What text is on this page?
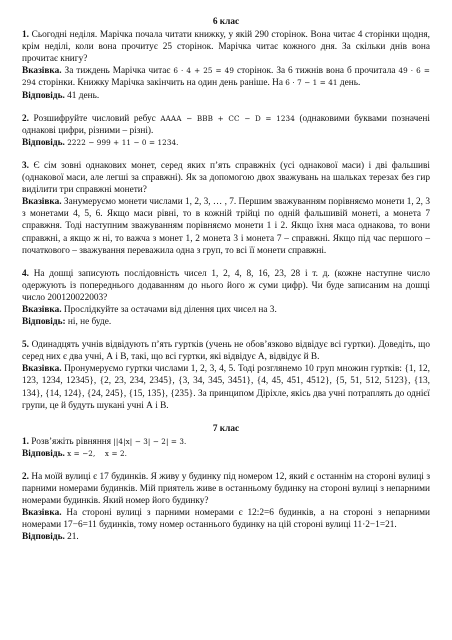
6 клас

1. Сьогодні неділя. Марічка почала читати книжку, у якій 290 сторінок. Вона читає 4 сторінки щодня, крім неділі, коли вона прочитує 25 сторінок. Марічка читає кожного дня. За скільки днів вона прочитає книгу?

Вказівка. За тиждень Марічка читає 6 · 4 + 25 = 49 сторінок. За 6 тижнів вона б прочитала 49 · 6 = 294 сторінки. Книжку Марічка закінчить на один день раніше. На 6 · 7 − 1 = 41 день.

Відповідь. 41 день.

2. Розшифруйте числовий ребус AAAA − BBB + CC − D = 1234 (однаковими буквами позначені однакові цифри, різними – різні).

Відповідь. 2222 − 999 + 11 − 0 = 1234.

3. Є сім зовні однакових монет, серед яких п’ять справжніх (усі однакової маси) і дві фальшиві (однакової маси, але легші за справжні). Як за допомогою двох зважувань на шальках терезах без гир виділити три справжні монети?

Вказівка. Занумеруємо монети числами 1, 2, 3, … , 7. Першим зважуванням порівняємо монети 1, 2, 3 з монетами 4, 5, 6. Якщо маси рівні, то в кожній трійці по одній фальшивій монеті, а монета 7 справжня. Тоді наступним зважуванням порівняємо монети 1 і 2. Якщо їхня маса однакова, то вони справжні, а якщо ж ні, то важча з монет 1, 2 монета 3 і монета 7 – справжні. Якщо під час першого – початкового – зважування переважила одна з груп, то всі її монети справжні.

4. На дошці записують послідовність чисел 1, 2, 4, 8, 16, 23, 28 і т. д. (кожне наступне число одержують із попереднього додаванням до нього його ж суми цифр). Чи буде записаним на дошці число 200120022003?

Вказівка. Прослідкуйте за остачами від ділення цих чисел на 3.

Відповідь: ні, не буде.

5. Одинадцять учнів відвідують п’ять гуртків (учень не обов’язково відвідує всі гуртки). Доведіть, що серед них є два учні, А і В, такі, що всі гуртки, які відвідує А, відвідує й В.

Вказівка. Пронумеруємо гуртки числами 1, 2, 3, 4, 5. Тоді розглянемо 10 груп множин гуртків: {1, 12, 123, 1234, 12345}, {2, 23, 234, 2345}, {3, 34, 345, 3451}, {4, 45, 451, 4512}, {5, 51, 512, 5123}, {13, 134}, {14, 124}, {24, 245}, {15, 135}, {235}. За принципом Діріхле, якісь два учні потраплять до однієї групи, це й будуть шукані учні А і В.

7 клас

1. Розв’яжіть рівняння ||4|x| − 3| − 2| = 3.

Відповідь. x = −2,    x = 2.

2. На моїй вулиці є 17 будинків. Я живу у будинку під номером 12, який є останнім на стороні вулиці з парними номерами будинків. Мій приятель живе в останньому будинку на стороні вулиці з непарними номерами будинків. Який номер його будинку?

Вказівка. На стороні вулиці з парними номерами є 12:2=6 будинків, а на стороні з непарними номерами 17−6=11 будинків, тому номер останнього будинку на цій стороні вулиці 11·2−1=21.

Відповідь. 21.
